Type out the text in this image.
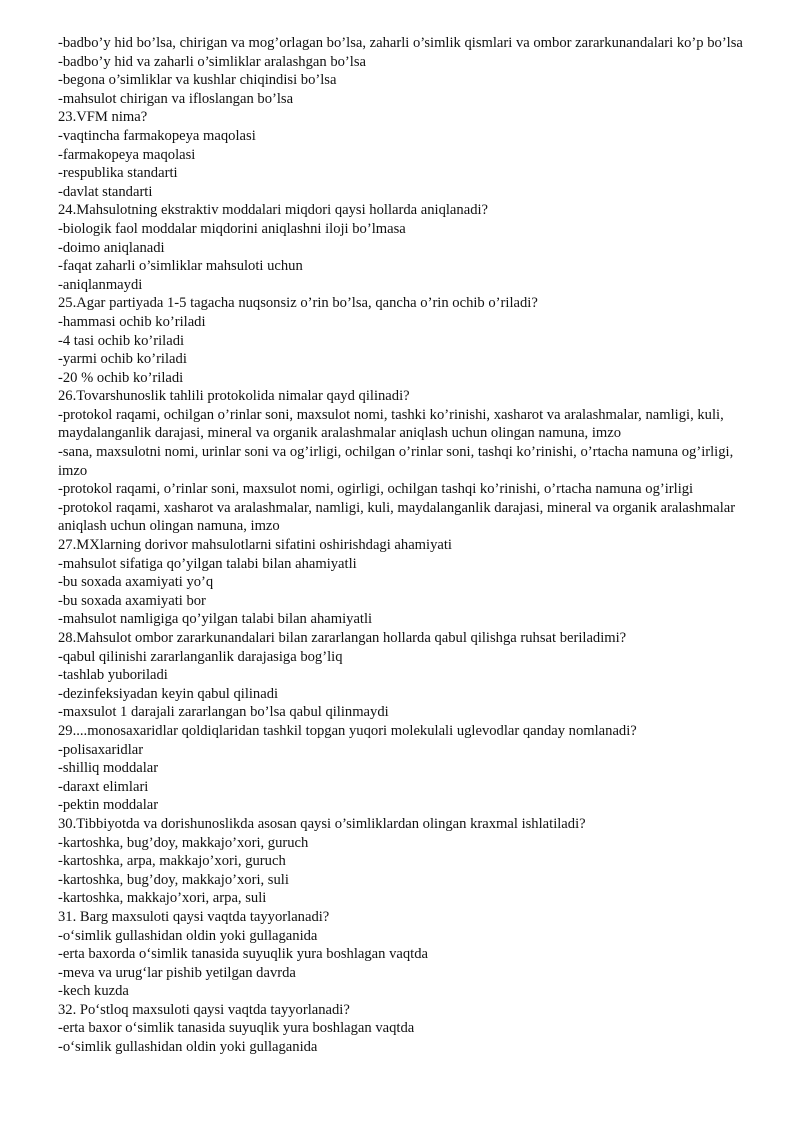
-badbo’y hid bo’lsa, chirigan va mog’orlagan bo’lsa, zaharli o’simlik qismlari va ombor zararkunandalari ko’p bo’lsa
-badbo’y hid va zaharli o’simliklar aralashgan bo’lsa
-begona o’simliklar va kushlar chiqindisi bo’lsa
-mahsulot chirigan va ifloslangan bo’lsa
23.VFM nima?
-vaqtincha farmakopeya maqolasi
-farmakopeya maqolasi
-respublika standarti
-davlat standarti
24.Mahsulotning ekstraktiv moddalari miqdori qaysi hollarda aniqlanadi?
-biologik faol moddalar miqdorini aniqlashni iloji bo’lmasa
-doimo aniqlanadi
-faqat zaharli o’simliklar mahsuloti uchun
-aniqlanmaydi
25.Agar partiyada 1-5 tagacha nuqsonsiz o’rin bo’lsa, qancha o’rin ochib o’riladi?
-hammasi ochib ko’riladi
-4 tasi ochib ko’riladi
-yarmi ochib ko’riladi
-20 % ochib ko’riladi
26.Tovarshunoslik tahlili protokolida nimalar qayd qilinadi?
-protokol raqami, ochilgan o’rinlar soni, maxsulot nomi, tashki ko’rinishi, xasharot va aralashmalar, namligi, kuli, maydalanganlik darajasi, mineral va organik aralashmalar aniqlash uchun olingan namuna, imzo
-sana, maxsulotni nomi, urinlar soni va og’irligi, ochilgan o’rinlar soni, tashqi ko’rinishi, o’rtacha namuna og’irligi, imzo
-protokol raqami, o’rinlar soni, maxsulot nomi, ogirligi, ochilgan tashqi ko’rinishi, o’rtacha namuna og’irligi
-protokol raqami, xasharot va aralashmalar, namligi, kuli, maydalanganlik darajasi, mineral va organik aralashmalar aniqlash uchun olingan namuna, imzo
27.MXlarning dorivor mahsulotlarni sifatini oshirishdagi ahamiyati
-mahsulot sifatiga qo’yilgan talabi bilan ahamiyatli
-bu soxada axamiyati yo’q
-bu soxada axamiyati bor
-mahsulot namligiga qo’yilgan talabi bilan ahamiyatli
28.Mahsulot ombor zararkunandalari bilan zararlangan hollarda qabul qilishga ruhsat beriladimi?
-qabul qilinishi zararlanganlik darajasiga bog’liq
-tashlab yuboriladi
-dezinfeksiyadan keyin qabul qilinadi
-maxsulot 1 darajali zararlangan bo’lsa qabul qilinmaydi
29....monosaxaridlar qoldiqlaridan tashkil topgan yuqori molekulali uglevodlar qanday nomlanadi?
-polisaxaridlar
-shilliq moddalar
-daraxt elimlari
-pektin moddalar
30.Tibbiyotda va dorishunoslikda asosan qaysi o’simliklardan olingan kraxmal ishlatiladi?
-kartoshka, bug’doy, makkajo’xori, guruch
-kartoshka, arpa, makkajo’xori, guruch
-kartoshka, bug’doy, makkajo’xori, suli
-kartoshka, makkajo’xori, arpa, suli
31. Barg maxsuloti qaysi vaqtda tayyorlanadi?
-o‘simlik gullashidan oldin yoki gullaganida
-erta baxorda o‘simlik tanasida suyuqlik yura boshlagan vaqtda
-meva va urug‘lar pishib yetilgan davrda
-kech kuzda
32. Po‘stloq maxsuloti qaysi vaqtda tayyorlanadi?
-erta baxor o‘simlik tanasida suyuqlik yura boshlagan vaqtda
-o‘simlik gullashidan oldin yoki gullaganida
